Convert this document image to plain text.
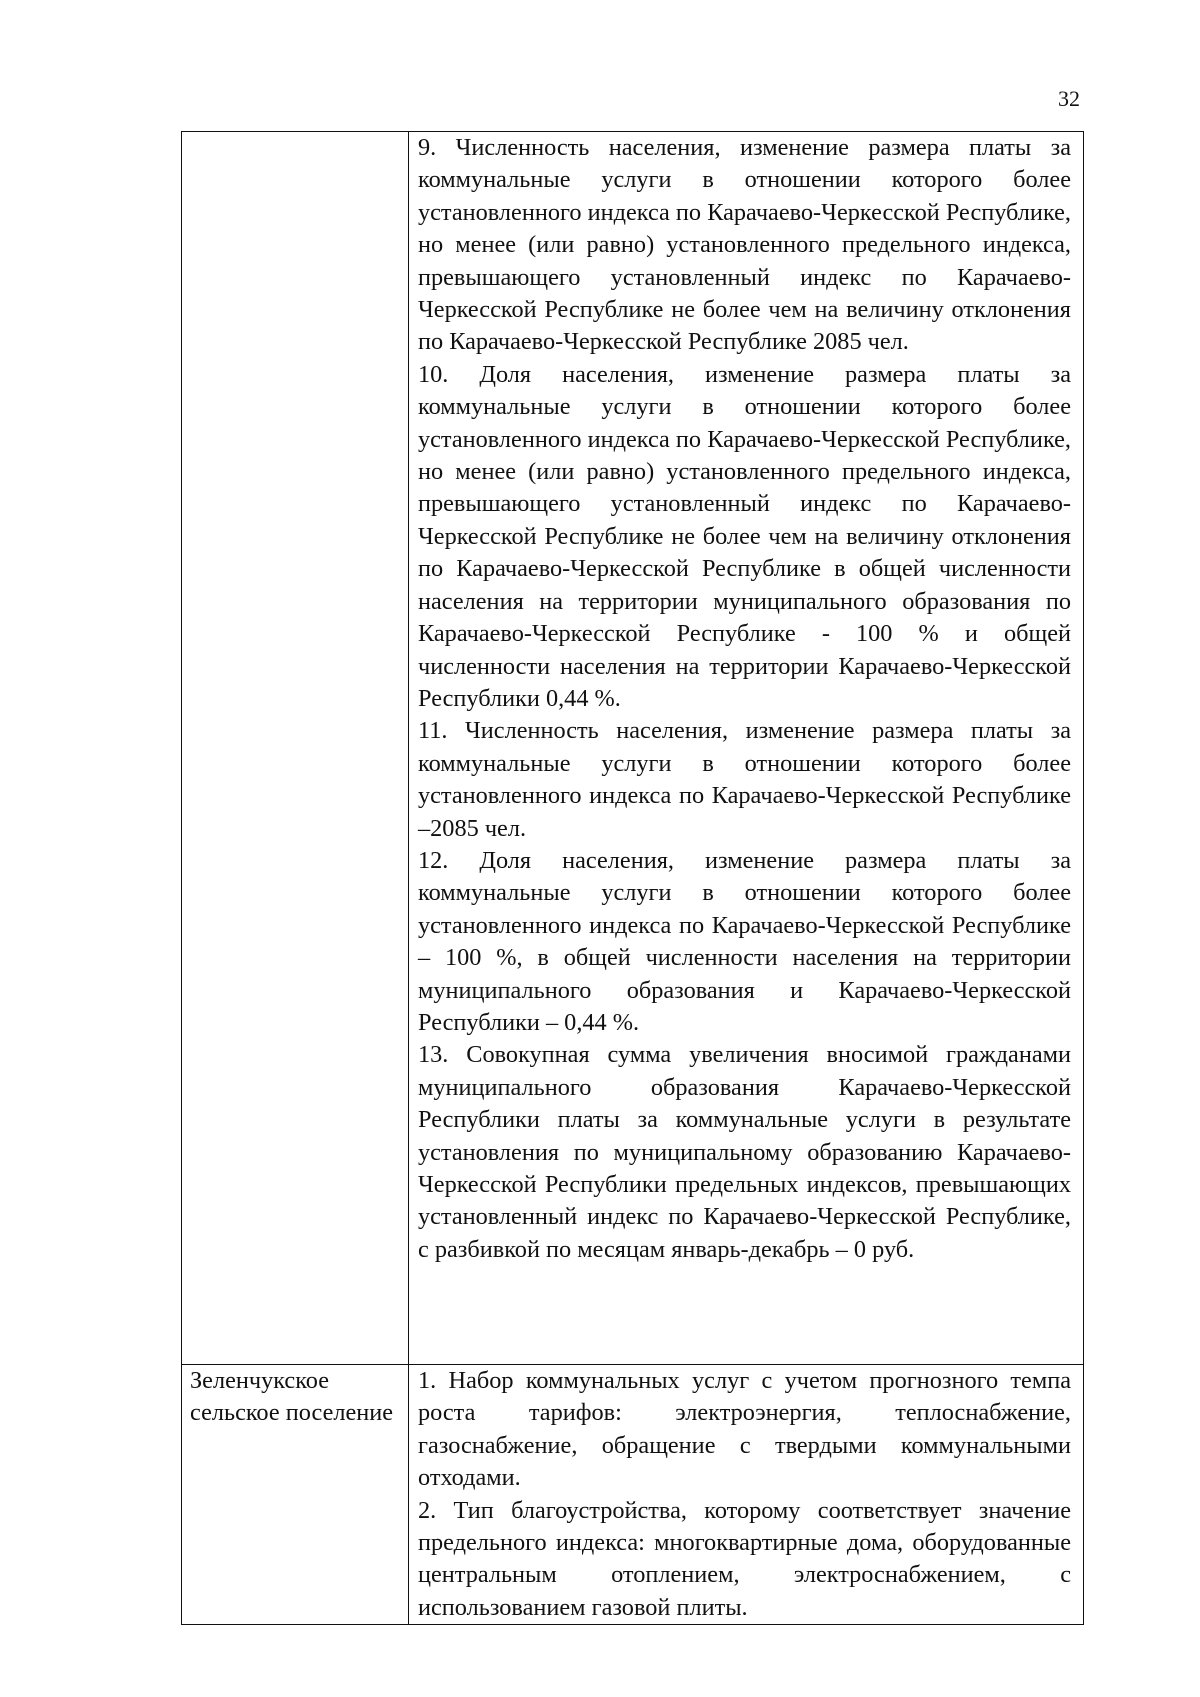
32

	9. Численность населения, изменение размера платы за коммунальные услуги в отношении которого более установленного индекса по Карачаево-Черкесской Республике, но менее (или равно) установленного предельного индекса, превышающего установленный индекс по Карачаево-Черкесской Республике не более чем на величину отклонения по Карачаево-Черкесской Республике 2085 чел.

10. Доля населения, изменение размера платы за коммунальные услуги в отношении которого более установленного индекса по Карачаево-Черкесской Республике, но менее (или равно) установленного предельного индекса, превышающего установленный индекс по Карачаево-Черкесской Республике не более чем на величину отклонения по Карачаево-Черкесской Республике в общей численности населения на территории муниципального образования по Карачаево-Черкесской Республике - 100 % и общей численности населения на территории Карачаево-Черкесской Республики 0,44 %.

11. Численность населения, изменение размера платы за коммунальные услуги в отношении которого более установленного индекса по Карачаево-Черкесской Республике –2085 чел.

12. Доля населения, изменение размера платы за коммунальные услуги в отношении которого более установленного индекса по Карачаево-Черкесской Республике – 100 %, в общей численности населения на территории муниципального образования и Карачаево-Черкесской Республики – 0,44 %.

13. Совокупная сумма увеличения вносимой гражданами муниципального образования Карачаево-Черкесской Республики платы за коммунальные услуги в результате установления по муниципальному образованию Карачаево-Черкесской Республики предельных индексов, превышающих установленный индекс по Карачаево-Черкесской Республике, с разбивкой по месяцам январь-декабрь – 0 руб.

Зеленчукское сельское поселение	1. Набор коммунальных услуг с учетом прогнозного темпа роста тарифов: электроэнергия, теплоснабжение, газоснабжение, обращение с твердыми коммунальными отходами.

2. Тип благоустройства, которому соответствует значение предельного индекса: многоквартирные дома, оборудованные центральным отоплением, электроснабжением, с использованием газовой плиты.
